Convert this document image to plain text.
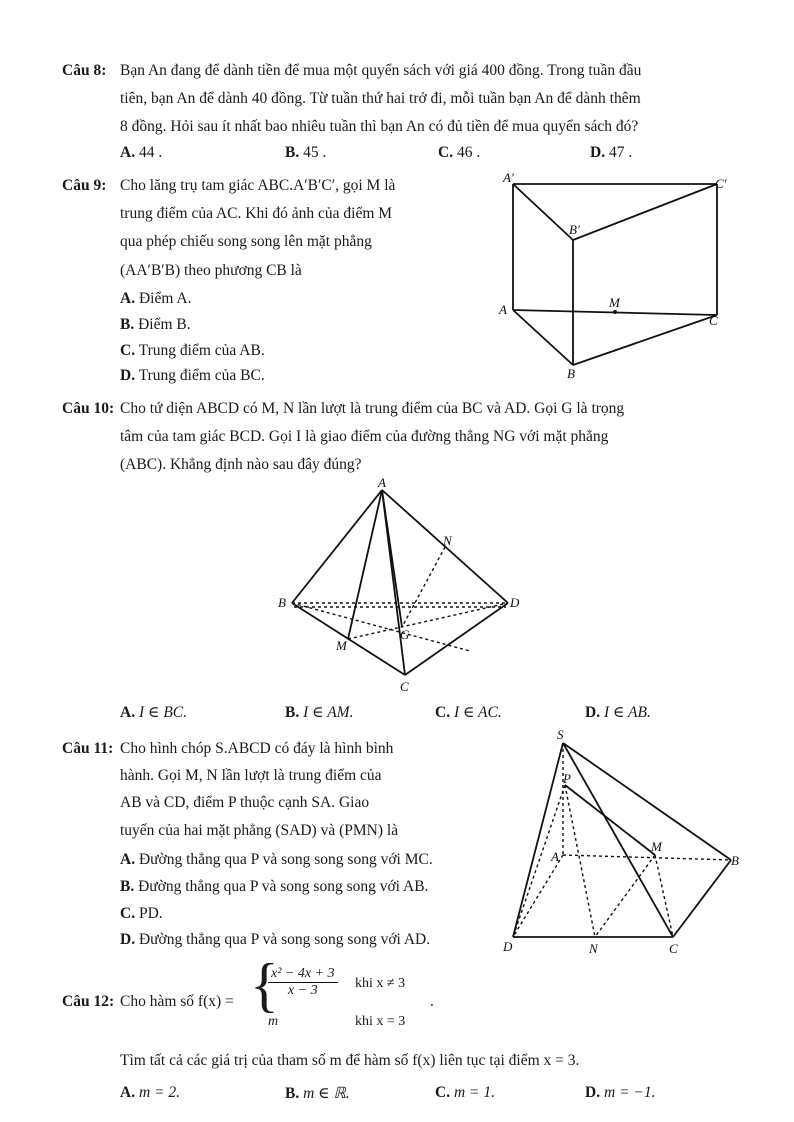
Câu 8: Bạn An đang để dành tiền để mua một quyển sách với giá 400 đồng. Trong tuần đầu
tiên, bạn An để dành 40 đồng. Từ tuần thứ hai trở đi, mỗi tuần bạn An để dành thêm
8 đồng. Hỏi sau ít nhất bao nhiêu tuần thì bạn An có đủ tiền để mua quyển sách đó?
A. 44 .	B. 45 .	C. 46 .	D. 47 .
Câu 9: Cho lăng trụ tam giác ABC.A′B′C′, gọi M là
trung điểm của AC. Khi đó ảnh của điểm M
qua phép chiếu song song lên mặt phẳng
(AA′B′B) theo phương CB là
A. Điểm A.
B. Điểm B.
C. Trung điểm của AB.
D. Trung điểm của BC.
A′	C′
B′
A	M
C
B
Câu 10: Cho tứ diện ABCD có M, N lần lượt là trung điểm của BC và AD. Gọi G là trọng
tâm của tam giác BCD. Gọi I là giao điểm của đường thẳng NG với mặt phẳng
(ABC). Khẳng định nào sau đây đúng?
A
N
B	D
G
M
C
A. I ∈ BC.	B. I ∈ AM.	C. I ∈ AC.	D. I ∈ AB.
Câu 11: Cho hình chóp S.ABCD có đáy là hình bình
hành. Gọi M, N lần lượt là trung điểm của
AB và CD, điểm P thuộc cạnh SA. Giao
tuyến của hai mặt phẳng (SAD) và (PMN) là
A. Đường thẳng qua P và song song song với MC.
B. Đường thẳng qua P và song song song với AB.
C. PD.
D. Đường thẳng qua P và song song song với AD.
S
P
A
M
B
D	N	C
Câu 12: Cho hàm số f(x) = {
$\frac{\text{x² − 4x + 3}}{x - 3}$ khi x ≠ 3
m	khi x = 3
.
Tìm tất cả các giá trị của tham số m để hàm số f(x) liên tục tại điểm x = 3.
A. m = 2.	B. m ∈ ℝ.	C. m = 1.	D. m = −1.
